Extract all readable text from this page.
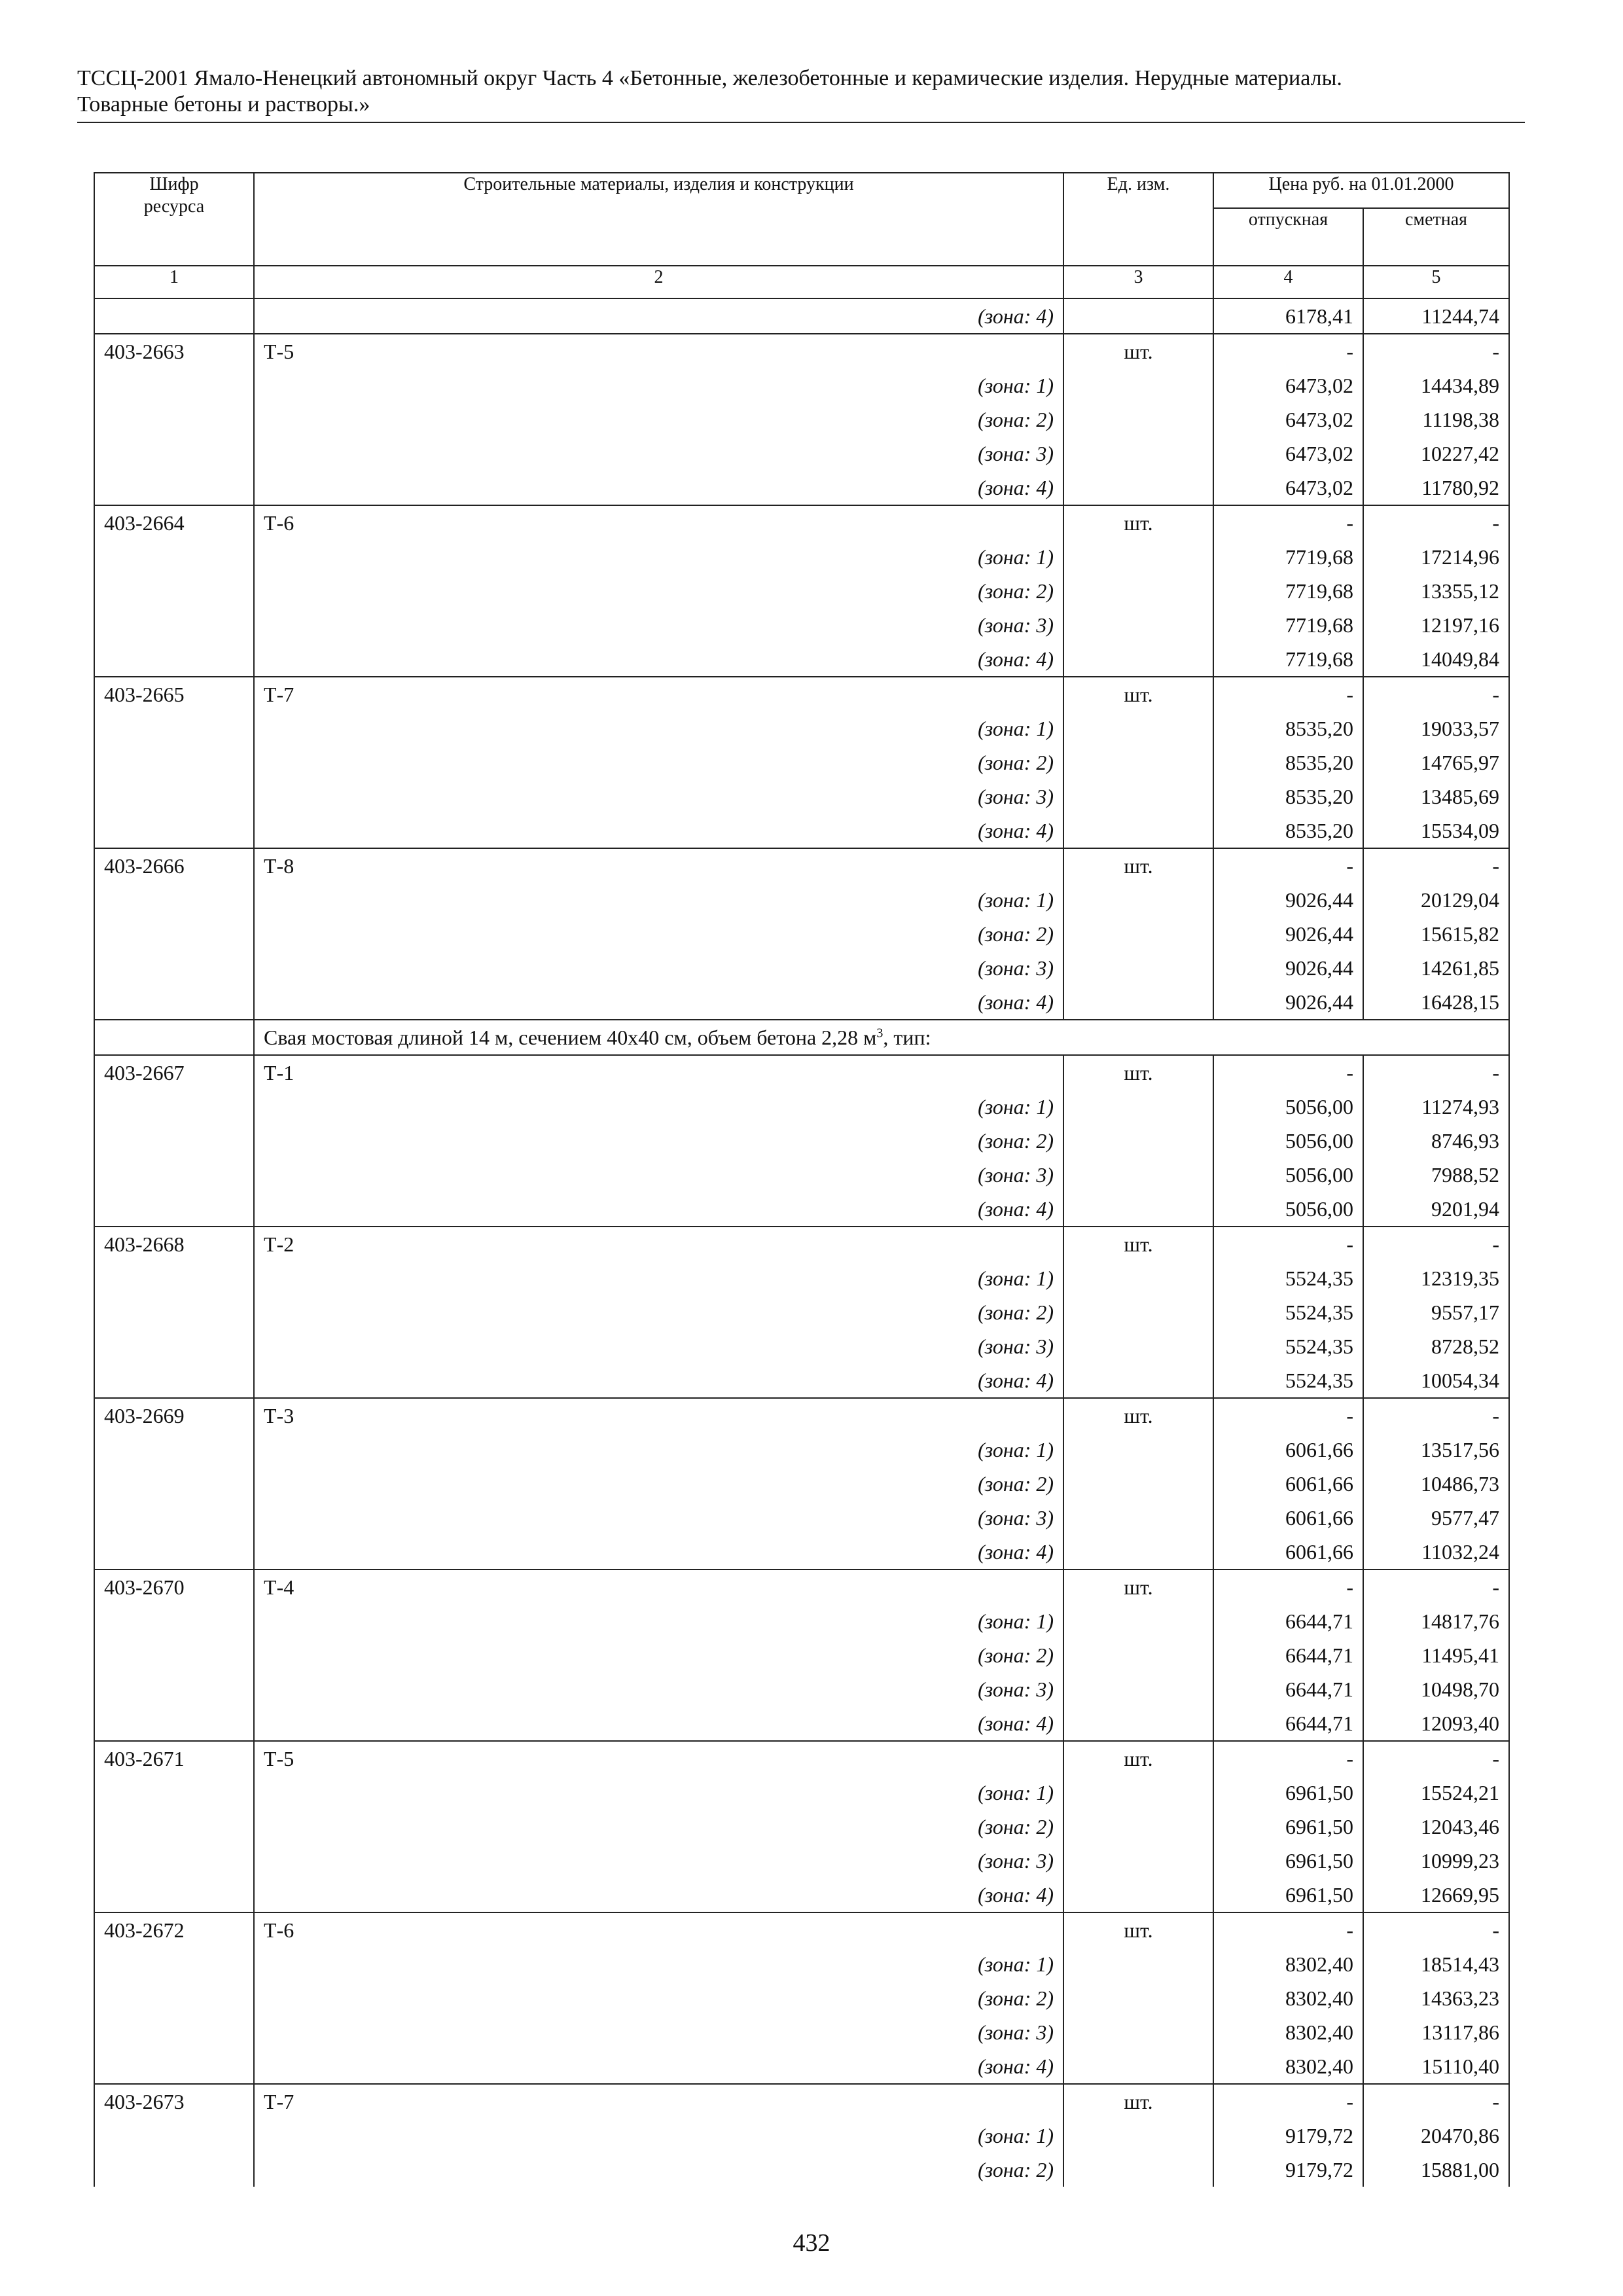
ТССЦ-2001 Ямало-Ненецкий автономный округ Часть 4 «Бетонные, железобетонные и керамические изделия. Нерудные материалы.
Товарные бетоны и растворы.»
Шифр ресурса	Строительные материалы, изделия и конструкции	Ед. изм.	Цена руб. на 01.01.2000	
			отпускная	сметная
1	2	3	4	5
	(зона: 4)		6178,41	11244,74
403-2663	Т-5	шт.	-	-
	(зона: 1)		6473,02	14434,89
	(зона: 2)		6473,02	11198,38
	(зона: 3)		6473,02	10227,42
	(зона: 4)		6473,02	11780,92
403-2664	Т-6	шт.	-	-
	(зона: 1)		7719,68	17214,96
	(зона: 2)		7719,68	13355,12
	(зона: 3)		7719,68	12197,16
	(зона: 4)		7719,68	14049,84
403-2665	Т-7	шт.	-	-
	(зона: 1)		8535,20	19033,57
	(зона: 2)		8535,20	14765,97
	(зона: 3)		8535,20	13485,69
	(зона: 4)		8535,20	15534,09
403-2666	Т-8	шт.	-	-
	(зона: 1)		9026,44	20129,04
	(зона: 2)		9026,44	15615,82
	(зона: 3)		9026,44	14261,85
	(зона: 4)		9026,44	16428,15
	Свая мостовая длиной 14 м, сечением 40х40 см, объем бетона 2,28 $м^3$, тип:			
403-2667	Т-1	шт.	-	-
	(зона: 1)		5056,00	11274,93
	(зона: 2)		5056,00	8746,93
	(зона: 3)		5056,00	7988,52
	(зона: 4)		5056,00	9201,94
403-2668	Т-2	шт.	-	-
	(зона: 1)		5524,35	12319,35
	(зона: 2)		5524,35	9557,17
	(зона: 3)		5524,35	8728,52
	(зона: 4)		5524,35	10054,34
403-2669	Т-3	шт.	-	-
	(зона: 1)		6061,66	13517,56
	(зона: 2)		6061,66	10486,73
	(зона: 3)		6061,66	9577,47
	(зона: 4)		6061,66	11032,24
403-2670	Т-4	шт.	-	-
	(зона: 1)		6644,71	14817,76
	(зона: 2)		6644,71	11495,41
	(зона: 3)		6644,71	10498,70
	(зона: 4)		6644,71	12093,40
403-2671	Т-5	шт.	-	-
	(зона: 1)		6961,50	15524,21
	(зона: 2)		6961,50	12043,46
	(зона: 3)		6961,50	10999,23
	(зона: 4)		6961,50	12669,95
403-2672	Т-6	шт.	-	-
	(зона: 1)		8302,40	18514,43
	(зона: 2)		8302,40	14363,23
	(зона: 3)		8302,40	13117,86
	(зона: 4)		8302,40	15110,40
403-2673	Т-7	шт.	-	-
	(зона: 1)		9179,72	20470,86
	(зона: 2)		9179,72	15881,00
432
